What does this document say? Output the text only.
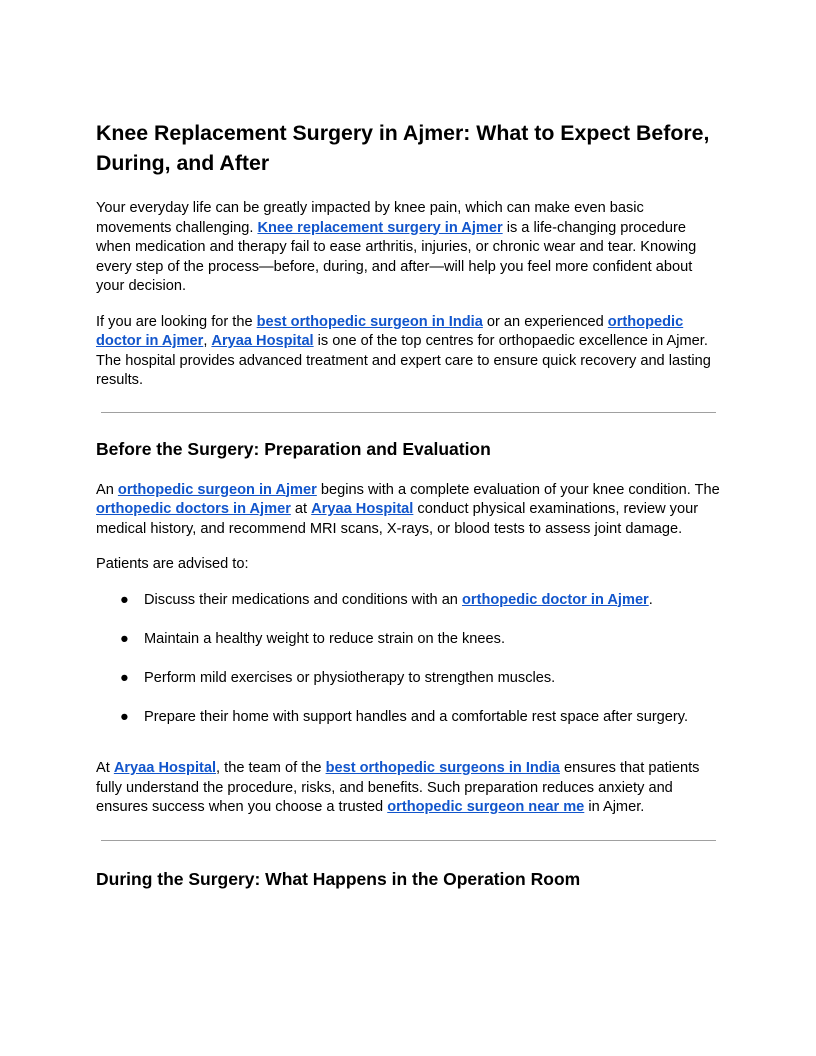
Knee Replacement Surgery in Ajmer: What to Expect Before, During, and After

Your everyday life can be greatly impacted by knee pain, which can make even basic movements challenging. Knee replacement surgery in Ajmer is a life-changing procedure when medication and therapy fail to ease arthritis, injuries, or chronic wear and tear. Knowing every step of the process—before, during, and after—will help you feel more confident about your decision.

If you are looking for the best orthopedic surgeon in India or an experienced orthopedic doctor in Ajmer, Aryaa Hospital is one of the top centres for orthopaedic excellence in Ajmer. The hospital provides advanced treatment and expert care to ensure quick recovery and lasting results.

Before the Surgery: Preparation and Evaluation

An orthopedic surgeon in Ajmer begins with a complete evaluation of your knee condition. The orthopedic doctors in Ajmer at Aryaa Hospital conduct physical examinations, review your medical history, and recommend MRI scans, X-rays, or blood tests to assess joint damage.

Patients are advised to:

● Discuss their medications and conditions with an orthopedic doctor in Ajmer.
● Maintain a healthy weight to reduce strain on the knees.
● Perform mild exercises or physiotherapy to strengthen muscles.
● Prepare their home with support handles and a comfortable rest space after surgery.

At Aryaa Hospital, the team of the best orthopedic surgeons in India ensures that patients fully understand the procedure, risks, and benefits. Such preparation reduces anxiety and ensures success when you choose a trusted orthopedic surgeon near me in Ajmer.

During the Surgery: What Happens in the Operation Room
